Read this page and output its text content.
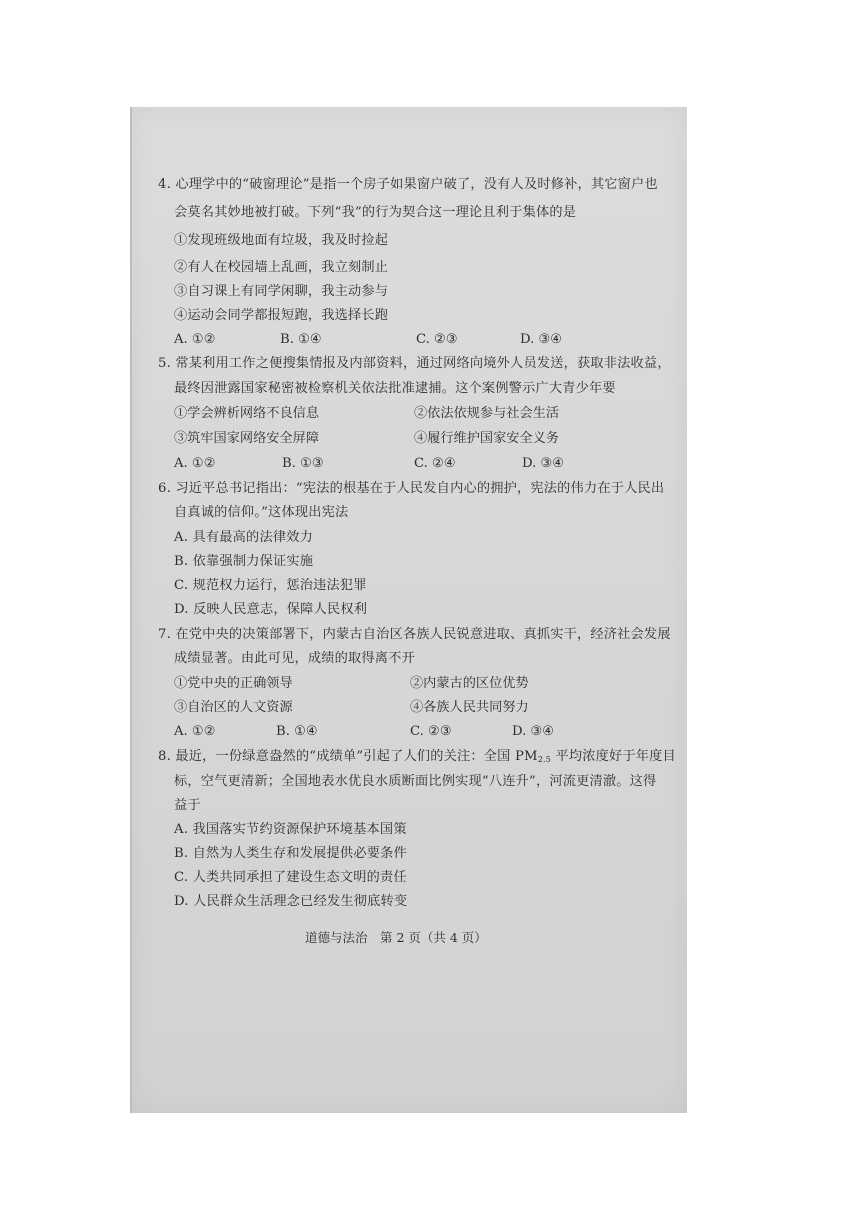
4. 心理学中的“破窗理论”是指一个房子如果窗户破了，没有人及时修补，其它窗户也

会莫名其妙地被打破。下列“我”的行为契合这一理论且利于集体的是

①发现班级地面有垃圾，我及时捡起

②有人在校园墙上乱画，我立刻制止

③自习课上有同学闲聊，我主动参与

④运动会同学都报短跑，我选择长跑

A. ①②	B. ①④	C. ②③	D. ③④

5. 常某利用工作之便搜集情报及内部资料，通过网络向境外人员发送，获取非法收益，

最终因泄露国家秘密被检察机关依法批准逮捕。这个案例警示广大青少年要

①学会辨析网络不良信息	②依法依规参与社会生活
③筑牢国家网络安全屏障	④履行维护国家安全义务
A. ①②	B. ①③	C. ②④	D. ③④

6. 习近平总书记指出：“宪法的根基在于人民发自内心的拥护，宪法的伟力在于人民出

自真诚的信仰。”这体现出宪法

A. 具有最高的法律效力

B. 依靠强制力保证实施

C. 规范权力运行，惩治违法犯罪

D. 反映人民意志，保障人民权利

7. 在党中央的决策部署下，内蒙古自治区各族人民锐意进取、真抓实干，经济社会发展

成绩显著。由此可见，成绩的取得离不开

①党中央的正确领导	②内蒙古的区位优势
③自治区的人文资源	④各族人民共同努力
A. ①②	B. ①④	C. ②③	D. ③④

8. 最近，一份绿意盎然的“成绩单”引起了人们的关注：全国 $PM_{2.5}$ 平均浓度好于年度目

标，空气更清新；全国地表水优良水质断面比例实现“八连升”，河流更清澈。这得

益于

A. 我国落实节约资源保护环境基本国策

B. 自然为人类生存和发展提供必要条件

C. 人类共同承担了建设生态文明的责任

D. 人民群众生活理念已经发生彻底转变

道德与法治　第 2 页（共 4 页）
